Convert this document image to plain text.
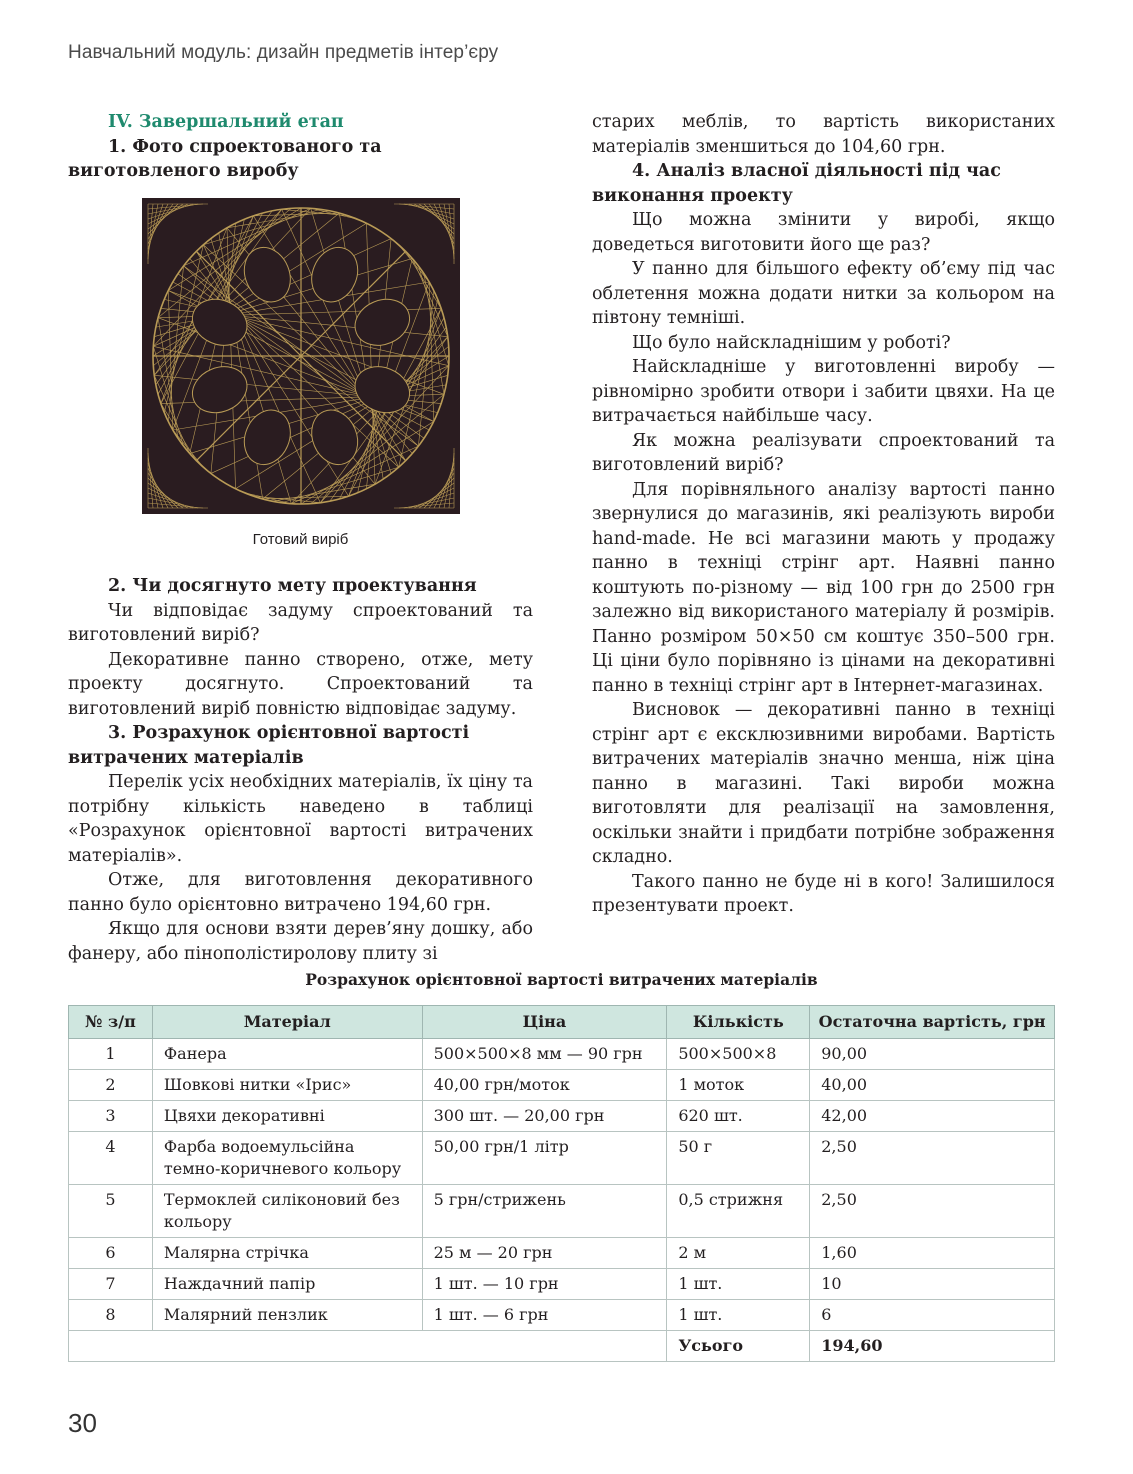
Навчальний модуль: дизайн предметів інтер’єру
IV. Завершальний етап
1. Фото спроектованого та виготовленого виробу
Готовий виріб
2. Чи досягнуто мету проектування

Чи відповідає задуму спроектований та виготовлений виріб?

Декоративне панно створено, отже, мету проекту досягнуто. Спроектований та виготовлений виріб повністю відповідає задуму.

3. Розрахунок орієнтовної вартості витрачених матеріалів

Перелік усіх необхідних матеріалів, їх ціну та потрібну кількість наведено в таблиці «Розрахунок орієнтовної вартості витрачених матеріалів».

Отже, для виготовлення декоративного панно було орієнтовно витрачено 194,60 грн.

Якщо для основи взяти дерев’яну дошку, або фанеру, або пінополістиролову плиту зі

старих меблів, то вартість використаних матеріалів зменшиться до 104,60 грн.

4. Аналіз власної діяльності під час виконання проекту

Що можна змінити у виробі, якщо доведеться виготовити його ще раз?

У панно для більшого ефекту об’єму під час облетення можна додати нитки за кольором на півтону темніші.

Що було найскладнішим у роботі?

Найскладніше у виготовленні виробу — рівномірно зробити отвори і забити цвяхи. На це витрачається найбільше часу.

Як можна реалізувати спроектований та виготовлений виріб?

Для порівняльного аналізу вартості панно звернулися до магазинів, які реалізують вироби hand-made. Не всі магазини мають у продажу панно в техніці стрінг арт. Наявні панно коштують по-різному — від 100 грн до 2500 грн залежно від використаного матеріалу й розмірів. Панно розміром 50×50 см коштує 350–500 грн. Ці ціни було порівняно із цінами на декоративні панно в техніці стрінг арт в Інтернет-магазинах.

Висновок — декоративні панно в техніці стрінг арт є ексклюзивними виробами. Вартість витрачених матеріалів значно менша, ніж ціна панно в магазині. Такі вироби можна виготовляти для реалізації на замовлення, оскільки знайти і придбати потрібне зображення складно.

Такого панно не буде ні в кого! Залишилося презентувати проект.

Розрахунок орієнтовної вартості витрачених матеріалів
№ з/п	Матеріал	Ціна	Кількість	Остаточна вартість, грн
1	Фанера	500×500×8 мм — 90 грн	500×500×8	90,00
2	Шовкові нитки «Ірис»	40,00 грн/моток	1 моток	40,00
3	Цвяхи декоративні	300 шт. — 20,00 грн	620 шт.	42,00
4	Фарба водоемульсійна темно-коричневого кольору	50,00 грн/1 літр	50 г	2,50
5	Термоклей силіконовий без кольору	5 грн/стрижень	0,5 стрижня	2,50
6	Малярна стрічка	25 м — 20 грн	2 м	1,60
7	Наждачний папір	1 шт. — 10 грн	1 шт.	10
8	Малярний пензлик	1 шт. — 6 грн	1 шт.	6
			Усього	194,60
30
